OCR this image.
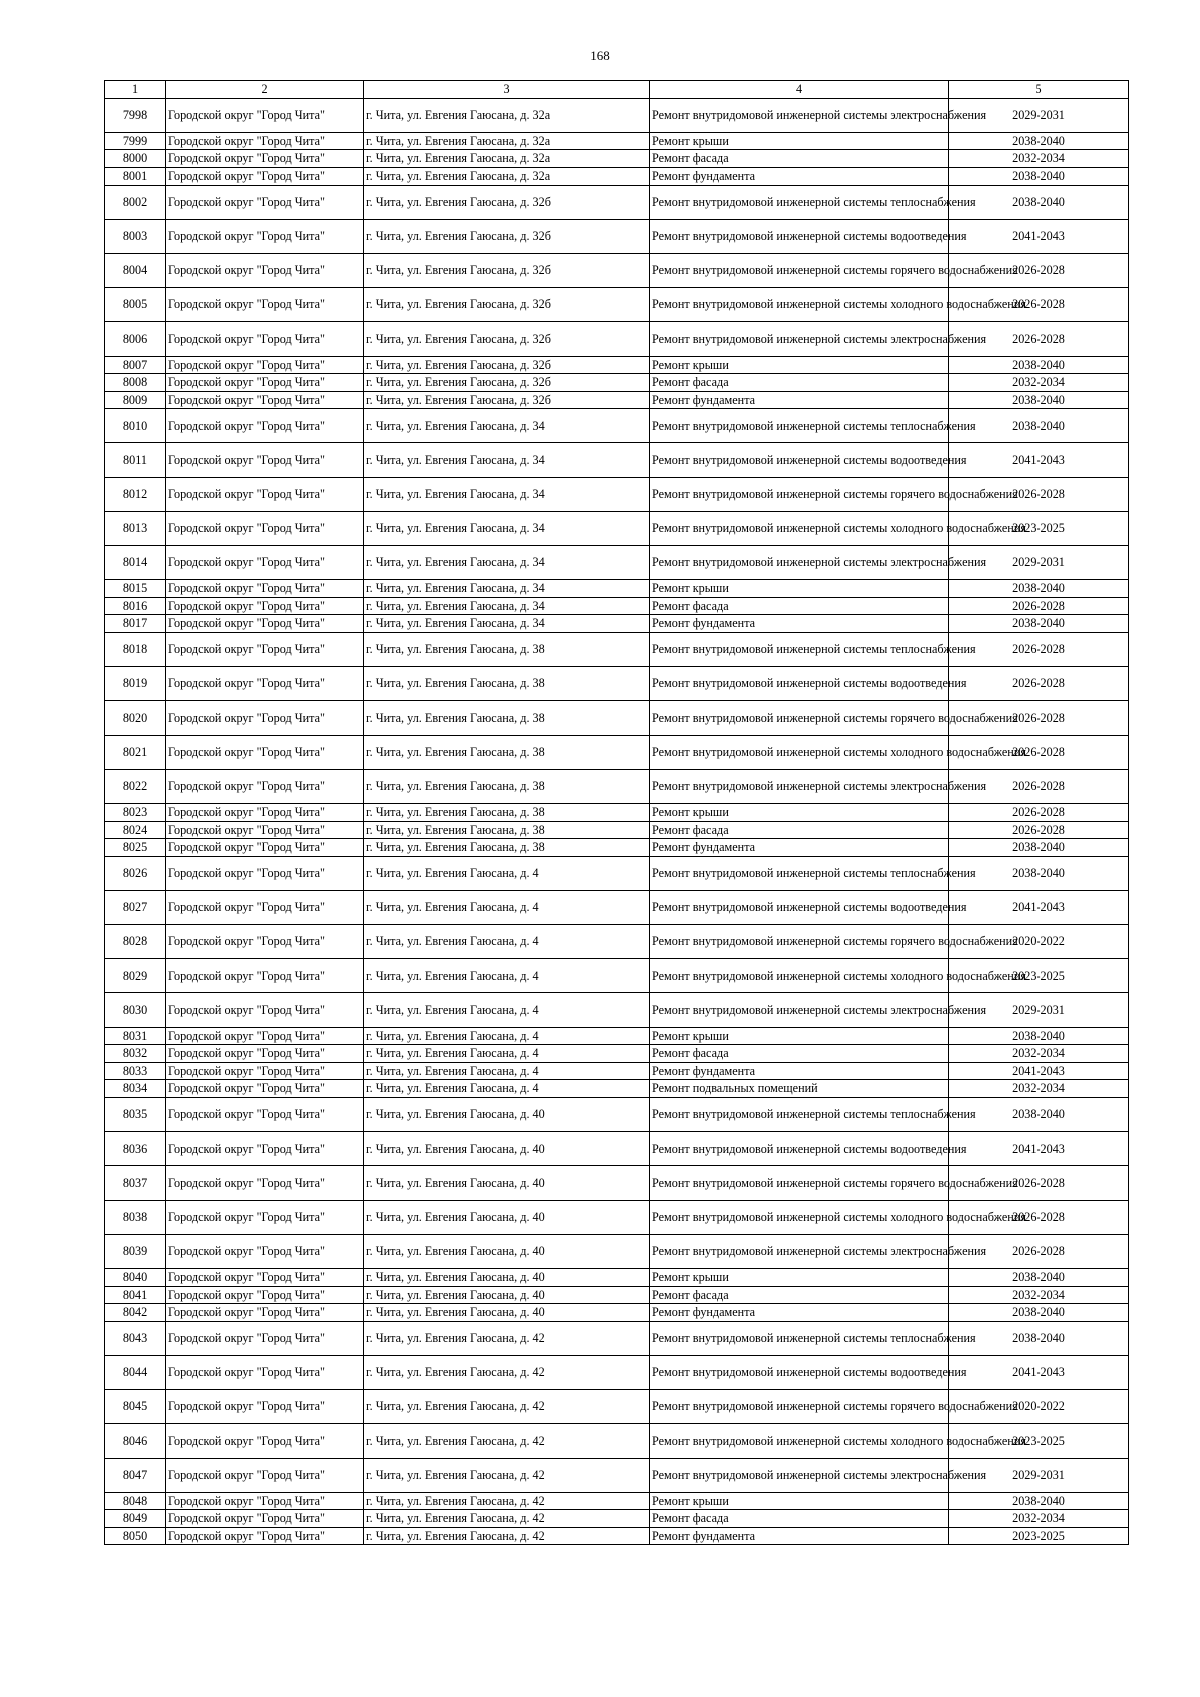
168
1	2	3	4	5
7998	Городской округ "Город Чита"	г. Чита, ул. Евгения Гаюсана, д. 32а	Ремонт внутридомовой инженерной системы электроснабжения	2029-2031
7999	Городской округ "Город Чита"	г. Чита, ул. Евгения Гаюсана, д. 32а	Ремонт крыши	2038-2040
8000	Городской округ "Город Чита"	г. Чита, ул. Евгения Гаюсана, д. 32а	Ремонт фасада	2032-2034
8001	Городской округ "Город Чита"	г. Чита, ул. Евгения Гаюсана, д. 32а	Ремонт фундамента	2038-2040
8002	Городской округ "Город Чита"	г. Чита, ул. Евгения Гаюсана, д. 32б	Ремонт внутридомовой инженерной системы теплоснабжения	2038-2040
8003	Городской округ "Город Чита"	г. Чита, ул. Евгения Гаюсана, д. 32б	Ремонт внутридомовой инженерной системы водоотведения	2041-2043
8004	Городской округ "Город Чита"	г. Чита, ул. Евгения Гаюсана, д. 32б	Ремонт внутридомовой инженерной системы горячего водоснабжения	2026-2028
8005	Городской округ "Город Чита"	г. Чита, ул. Евгения Гаюсана, д. 32б	Ремонт внутридомовой инженерной системы холодного водоснабжения	2026-2028
8006	Городской округ "Город Чита"	г. Чита, ул. Евгения Гаюсана, д. 32б	Ремонт внутридомовой инженерной системы электроснабжения	2026-2028
8007	Городской округ "Город Чита"	г. Чита, ул. Евгения Гаюсана, д. 32б	Ремонт крыши	2038-2040
8008	Городской округ "Город Чита"	г. Чита, ул. Евгения Гаюсана, д. 32б	Ремонт фасада	2032-2034
8009	Городской округ "Город Чита"	г. Чита, ул. Евгения Гаюсана, д. 32б	Ремонт фундамента	2038-2040
8010	Городской округ "Город Чита"	г. Чита, ул. Евгения Гаюсана, д. 34	Ремонт внутридомовой инженерной системы теплоснабжения	2038-2040
8011	Городской округ "Город Чита"	г. Чита, ул. Евгения Гаюсана, д. 34	Ремонт внутридомовой инженерной системы водоотведения	2041-2043
8012	Городской округ "Город Чита"	г. Чита, ул. Евгения Гаюсана, д. 34	Ремонт внутридомовой инженерной системы горячего водоснабжения	2026-2028
8013	Городской округ "Город Чита"	г. Чита, ул. Евгения Гаюсана, д. 34	Ремонт внутридомовой инженерной системы холодного водоснабжения	2023-2025
8014	Городской округ "Город Чита"	г. Чита, ул. Евгения Гаюсана, д. 34	Ремонт внутридомовой инженерной системы электроснабжения	2029-2031
8015	Городской округ "Город Чита"	г. Чита, ул. Евгения Гаюсана, д. 34	Ремонт крыши	2038-2040
8016	Городской округ "Город Чита"	г. Чита, ул. Евгения Гаюсана, д. 34	Ремонт фасада	2026-2028
8017	Городской округ "Город Чита"	г. Чита, ул. Евгения Гаюсана, д. 34	Ремонт фундамента	2038-2040
8018	Городской округ "Город Чита"	г. Чита, ул. Евгения Гаюсана, д. 38	Ремонт внутридомовой инженерной системы теплоснабжения	2026-2028
8019	Городской округ "Город Чита"	г. Чита, ул. Евгения Гаюсана, д. 38	Ремонт внутридомовой инженерной системы водоотведения	2026-2028
8020	Городской округ "Город Чита"	г. Чита, ул. Евгения Гаюсана, д. 38	Ремонт внутридомовой инженерной системы горячего водоснабжения	2026-2028
8021	Городской округ "Город Чита"	г. Чита, ул. Евгения Гаюсана, д. 38	Ремонт внутридомовой инженерной системы холодного водоснабжения	2026-2028
8022	Городской округ "Город Чита"	г. Чита, ул. Евгения Гаюсана, д. 38	Ремонт внутридомовой инженерной системы электроснабжения	2026-2028
8023	Городской округ "Город Чита"	г. Чита, ул. Евгения Гаюсана, д. 38	Ремонт крыши	2026-2028
8024	Городской округ "Город Чита"	г. Чита, ул. Евгения Гаюсана, д. 38	Ремонт фасада	2026-2028
8025	Городской округ "Город Чита"	г. Чита, ул. Евгения Гаюсана, д. 38	Ремонт фундамента	2038-2040
8026	Городской округ "Город Чита"	г. Чита, ул. Евгения Гаюсана, д. 4	Ремонт внутридомовой инженерной системы теплоснабжения	2038-2040
8027	Городской округ "Город Чита"	г. Чита, ул. Евгения Гаюсана, д. 4	Ремонт внутридомовой инженерной системы водоотведения	2041-2043
8028	Городской округ "Город Чита"	г. Чита, ул. Евгения Гаюсана, д. 4	Ремонт внутридомовой инженерной системы горячего водоснабжения	2020-2022
8029	Городской округ "Город Чита"	г. Чита, ул. Евгения Гаюсана, д. 4	Ремонт внутридомовой инженерной системы холодного водоснабжения	2023-2025
8030	Городской округ "Город Чита"	г. Чита, ул. Евгения Гаюсана, д. 4	Ремонт внутридомовой инженерной системы электроснабжения	2029-2031
8031	Городской округ "Город Чита"	г. Чита, ул. Евгения Гаюсана, д. 4	Ремонт крыши	2038-2040
8032	Городской округ "Город Чита"	г. Чита, ул. Евгения Гаюсана, д. 4	Ремонт фасада	2032-2034
8033	Городской округ "Город Чита"	г. Чита, ул. Евгения Гаюсана, д. 4	Ремонт фундамента	2041-2043
8034	Городской округ "Город Чита"	г. Чита, ул. Евгения Гаюсана, д. 4	Ремонт подвальных помещений	2032-2034
8035	Городской округ "Город Чита"	г. Чита, ул. Евгения Гаюсана, д. 40	Ремонт внутридомовой инженерной системы теплоснабжения	2038-2040
8036	Городской округ "Город Чита"	г. Чита, ул. Евгения Гаюсана, д. 40	Ремонт внутридомовой инженерной системы водоотведения	2041-2043
8037	Городской округ "Город Чита"	г. Чита, ул. Евгения Гаюсана, д. 40	Ремонт внутридомовой инженерной системы горячего водоснабжения	2026-2028
8038	Городской округ "Город Чита"	г. Чита, ул. Евгения Гаюсана, д. 40	Ремонт внутридомовой инженерной системы холодного водоснабжения	2026-2028
8039	Городской округ "Город Чита"	г. Чита, ул. Евгения Гаюсана, д. 40	Ремонт внутридомовой инженерной системы электроснабжения	2026-2028
8040	Городской округ "Город Чита"	г. Чита, ул. Евгения Гаюсана, д. 40	Ремонт крыши	2038-2040
8041	Городской округ "Город Чита"	г. Чита, ул. Евгения Гаюсана, д. 40	Ремонт фасада	2032-2034
8042	Городской округ "Город Чита"	г. Чита, ул. Евгения Гаюсана, д. 40	Ремонт фундамента	2038-2040
8043	Городской округ "Город Чита"	г. Чита, ул. Евгения Гаюсана, д. 42	Ремонт внутридомовой инженерной системы теплоснабжения	2038-2040
8044	Городской округ "Город Чита"	г. Чита, ул. Евгения Гаюсана, д. 42	Ремонт внутридомовой инженерной системы водоотведения	2041-2043
8045	Городской округ "Город Чита"	г. Чита, ул. Евгения Гаюсана, д. 42	Ремонт внутридомовой инженерной системы горячего водоснабжения	2020-2022
8046	Городской округ "Город Чита"	г. Чита, ул. Евгения Гаюсана, д. 42	Ремонт внутридомовой инженерной системы холодного водоснабжения	2023-2025
8047	Городской округ "Город Чита"	г. Чита, ул. Евгения Гаюсана, д. 42	Ремонт внутридомовой инженерной системы электроснабжения	2029-2031
8048	Городской округ "Город Чита"	г. Чита, ул. Евгения Гаюсана, д. 42	Ремонт крыши	2038-2040
8049	Городской округ "Город Чита"	г. Чита, ул. Евгения Гаюсана, д. 42	Ремонт фасада	2032-2034
8050	Городской округ "Город Чита"	г. Чита, ул. Евгения Гаюсана, д. 42	Ремонт фундамента	2023-2025
